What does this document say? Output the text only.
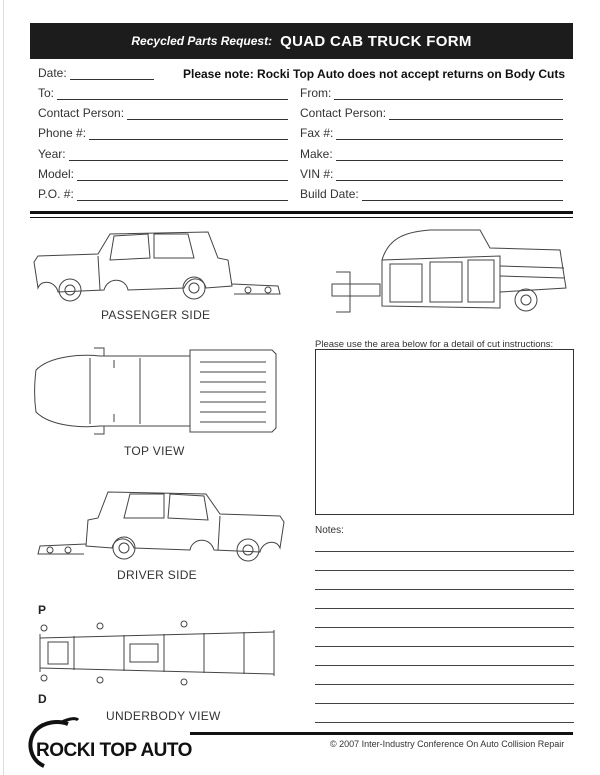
Recycled Parts Request: QUAD CAB TRUCK FORM
Please note: Rocki Top Auto does not accept returns on Body Cuts
Date:
To:
Contact Person:
Phone #:
Year:
Model:
P.O. #:
From:
Contact Person:
Fax #:
Make:
VIN #:
Build Date:
PASSENGER SIDE
TOP VIEW
DRIVER SIDE
P
D
UNDERBODY VIEW
Please use the area below for a detail of cut instructions:
Notes:
© 2007 Inter-Industry Conference On Auto Collision Repair
ROCKI TOP AUTO
